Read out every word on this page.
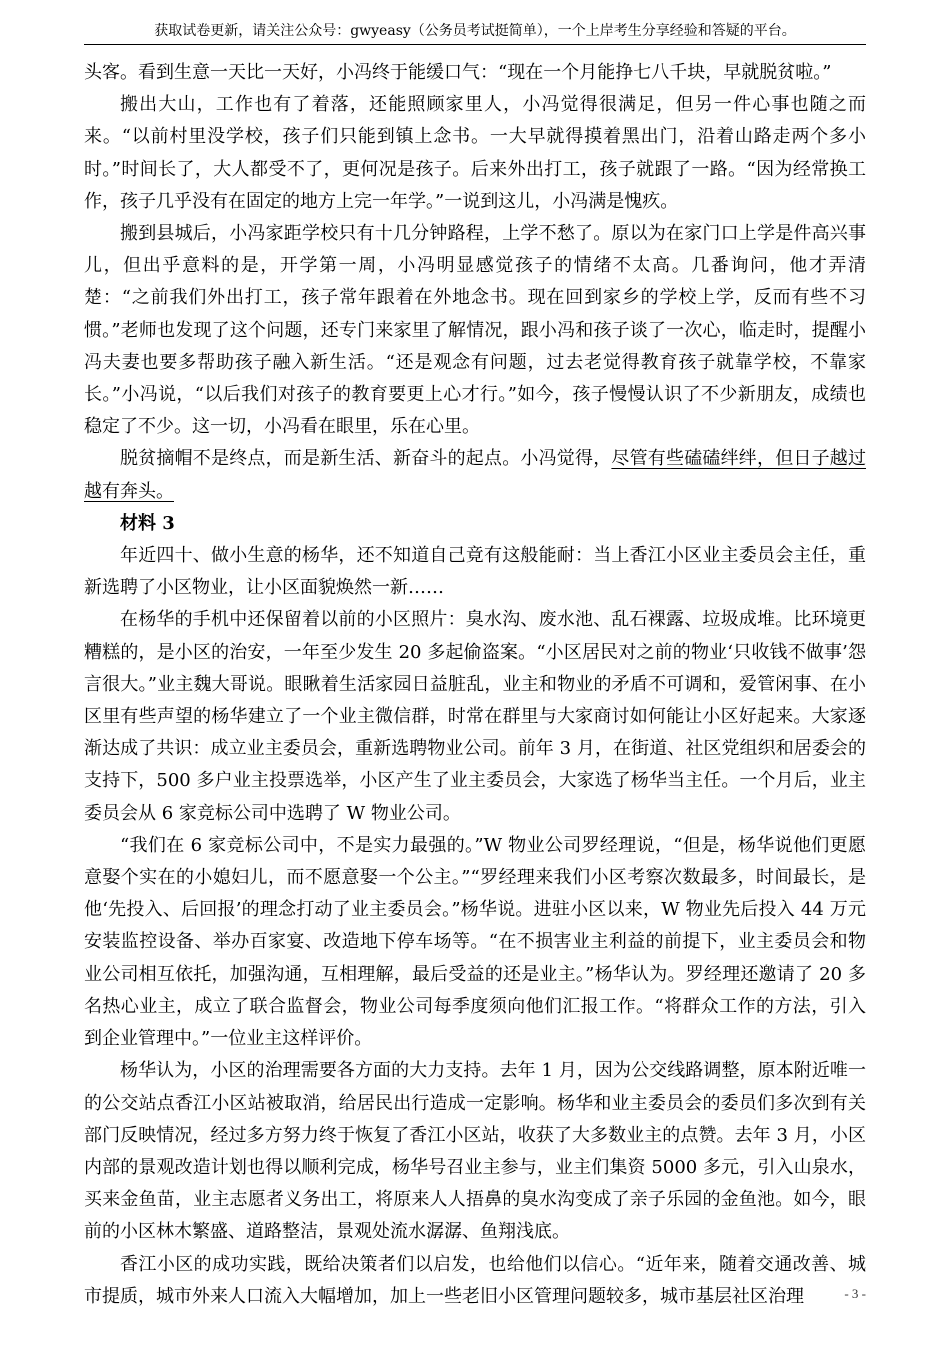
获取试卷更新，请关注公众号：gwyeasy（公务员考试挺简单），一个上岸考生分享经验和答疑的平台。

头客。看到生意一天比一天好，小冯终于能缓口气：“现在一个月能挣七八千块，早就脱贫啦。”

搬出大山，工作也有了着落，还能照顾家里人，小冯觉得很满足，但另一件心事也随之而来。“以前村里没学校，孩子们只能到镇上念书。一大早就得摸着黑出门，沿着山路走两个多小时。”时间长了，大人都受不了，更何况是孩子。后来外出打工，孩子就跟了一路。“因为经常换工作，孩子几乎没有在固定的地方上完一年学。”一说到这儿，小冯满是愧疚。

搬到县城后，小冯家距学校只有十几分钟路程，上学不愁了。原以为在家门口上学是件高兴事儿，但出乎意料的是，开学第一周，小冯明显感觉孩子的情绪不太高。几番询问，他才弄清楚：“之前我们外出打工，孩子常年跟着在外地念书。现在回到家乡的学校上学，反而有些不习惯。”老师也发现了这个问题，还专门来家里了解情况，跟小冯和孩子谈了一次心，临走时，提醒小冯夫妻也要多帮助孩子融入新生活。“还是观念有问题，过去老觉得教育孩子就靠学校，不靠家长。”小冯说，“以后我们对孩子的教育要更上心才行。”如今，孩子慢慢认识了不少新朋友，成绩也稳定了不少。这一切，小冯看在眼里，乐在心里。

脱贫摘帽不是终点，而是新生活、新奋斗的起点。小冯觉得，尽管有些磕磕绊绊，但日子越过越有奔头。

材料 3

年近四十、做小生意的杨华，还不知道自己竟有这般能耐：当上香江小区业主委员会主任，重新选聘了小区物业，让小区面貌焕然一新……

在杨华的手机中还保留着以前的小区照片：臭水沟、废水池、乱石裸露、垃圾成堆。比环境更糟糕的，是小区的治安，一年至少发生 20 多起偷盗案。“小区居民对之前的物业‘只收钱不做事’怨言很大。”业主魏大哥说。眼瞅着生活家园日益脏乱，业主和物业的矛盾不可调和，爱管闲事、在小区里有些声望的杨华建立了一个业主微信群，时常在群里与大家商讨如何能让小区好起来。大家逐渐达成了共识：成立业主委员会，重新选聘物业公司。前年 3 月，在街道、社区党组织和居委会的支持下，500 多户业主投票选举，小区产生了业主委员会，大家选了杨华当主任。一个月后，业主委员会从 6 家竞标公司中选聘了 W 物业公司。

“我们在 6 家竞标公司中，不是实力最强的。”W 物业公司罗经理说，“但是，杨华说他们更愿意娶个实在的小媳妇儿，而不愿意娶一个公主。”“罗经理来我们小区考察次数最多，时间最长，是他‘先投入、后回报’的理念打动了业主委员会。”杨华说。进驻小区以来，W 物业先后投入 44 万元安装监控设备、举办百家宴、改造地下停车场等。“在不损害业主利益的前提下，业主委员会和物业公司相互依托，加强沟通，互相理解，最后受益的还是业主。”杨华认为。罗经理还邀请了 20 多名热心业主，成立了联合监督会，物业公司每季度须向他们汇报工作。“将群众工作的方法，引入到企业管理中。”一位业主这样评价。

杨华认为，小区的治理需要各方面的大力支持。去年 1 月，因为公交线路调整，原本附近唯一的公交站点香江小区站被取消，给居民出行造成一定影响。杨华和业主委员会的委员们多次到有关部门反映情况，经过多方努力终于恢复了香江小区站，收获了大多数业主的点赞。去年 3 月，小区内部的景观改造计划也得以顺利完成，杨华号召业主参与，业主们集资 5000 多元，引入山泉水，买来金鱼苗，业主志愿者义务出工，将原来人人捂鼻的臭水沟变成了亲子乐园的金鱼池。如今，眼前的小区林木繁盛、道路整洁，景观处流水潺潺、鱼翔浅底。

香江小区的成功实践，既给决策者们以启发，也给他们以信心。“近年来，随着交通改善、城市提质，城市外来人口流入大幅增加，加上一些老旧小区管理问题较多，城市基层社区治理	- 3 -
